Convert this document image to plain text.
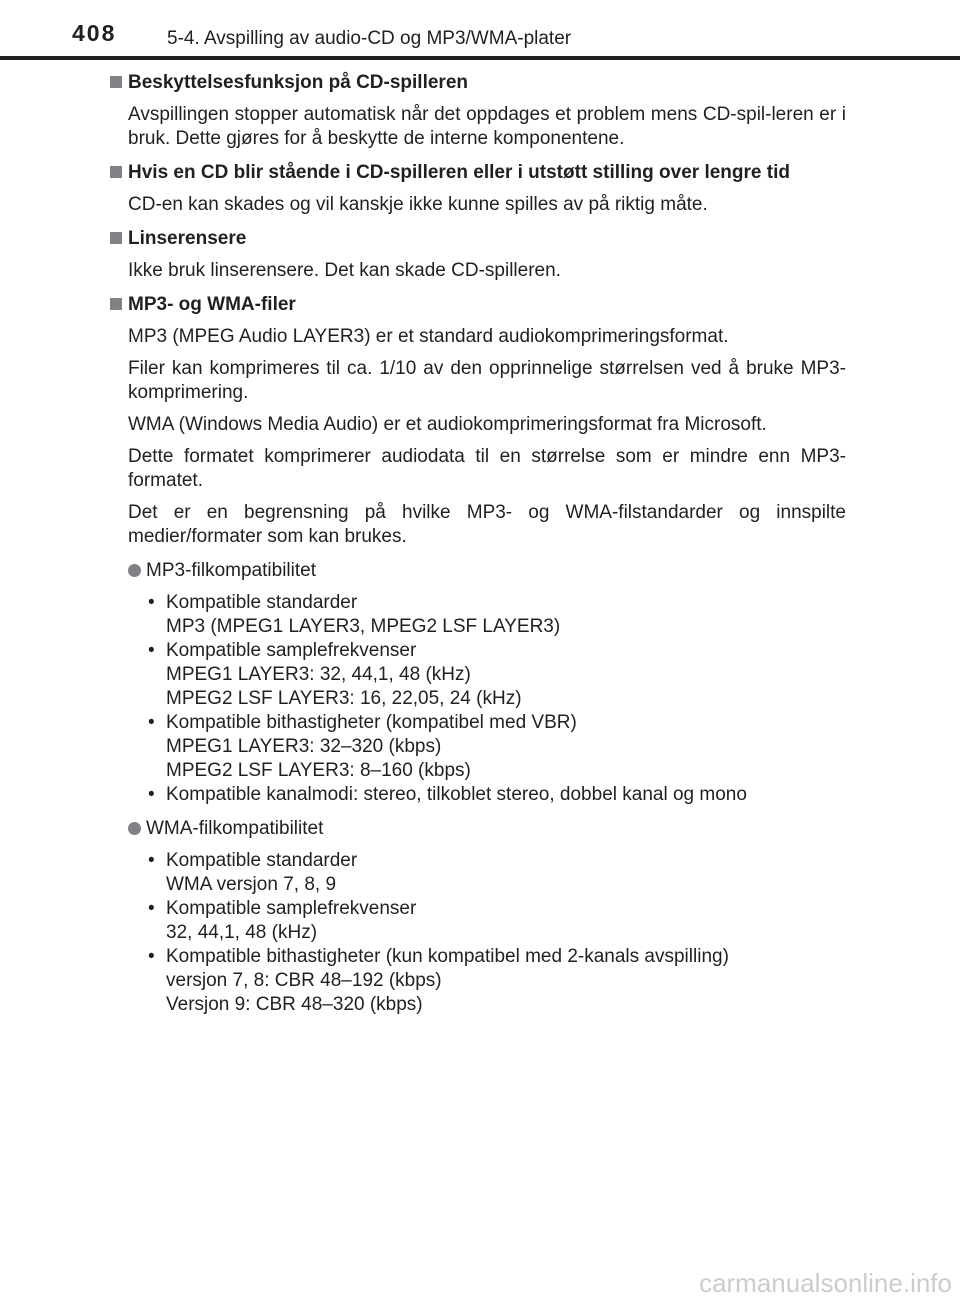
408	5-4. Avspilling av audio-CD og MP3/WMA-plater
Beskyttelsesfunksjon på CD-spilleren
Avspillingen stopper automatisk når det oppdages et problem mens CD-spil-leren er i bruk. Dette gjøres for å beskytte de interne komponentene.
Hvis en CD blir stående i CD-spilleren eller i utstøtt stilling over lengre tid
CD-en kan skades og vil kanskje ikke kunne spilles av på riktig måte.
Linserensere
Ikke bruk linserensere. Det kan skade CD-spilleren.
MP3- og WMA-filer
MP3 (MPEG Audio LAYER3) er et standard audiokomprimeringsformat.
Filer kan komprimeres til ca. 1/10 av den opprinnelige størrelsen ved å bruke MP3-komprimering.
WMA (Windows Media Audio) er et audiokomprimeringsformat fra Microsoft.
Dette formatet komprimerer audiodata til en størrelse som er mindre enn MP3-formatet.
Det er en begrensning på hvilke MP3- og WMA-filstandarder og innspilte medier/formater som kan brukes.
MP3-filkompatibilitet
• Kompatible standarder
MP3 (MPEG1 LAYER3, MPEG2 LSF LAYER3)
• Kompatible samplefrekvenser
MPEG1 LAYER3: 32, 44,1, 48 (kHz)
MPEG2 LSF LAYER3: 16, 22,05, 24 (kHz)
• Kompatible bithastigheter (kompatibel med VBR)
MPEG1 LAYER3: 32–320 (kbps)
MPEG2 LSF LAYER3: 8–160 (kbps)
• Kompatible kanalmodi: stereo, tilkoblet stereo, dobbel kanal og mono
WMA-filkompatibilitet
• Kompatible standarder
WMA versjon 7, 8, 9
• Kompatible samplefrekvenser
32, 44,1, 48 (kHz)
• Kompatible bithastigheter (kun kompatibel med 2-kanals avspilling)
versjon 7, 8: CBR 48–192 (kbps)
Versjon 9: CBR 48–320 (kbps)
carmanualsonline.info
